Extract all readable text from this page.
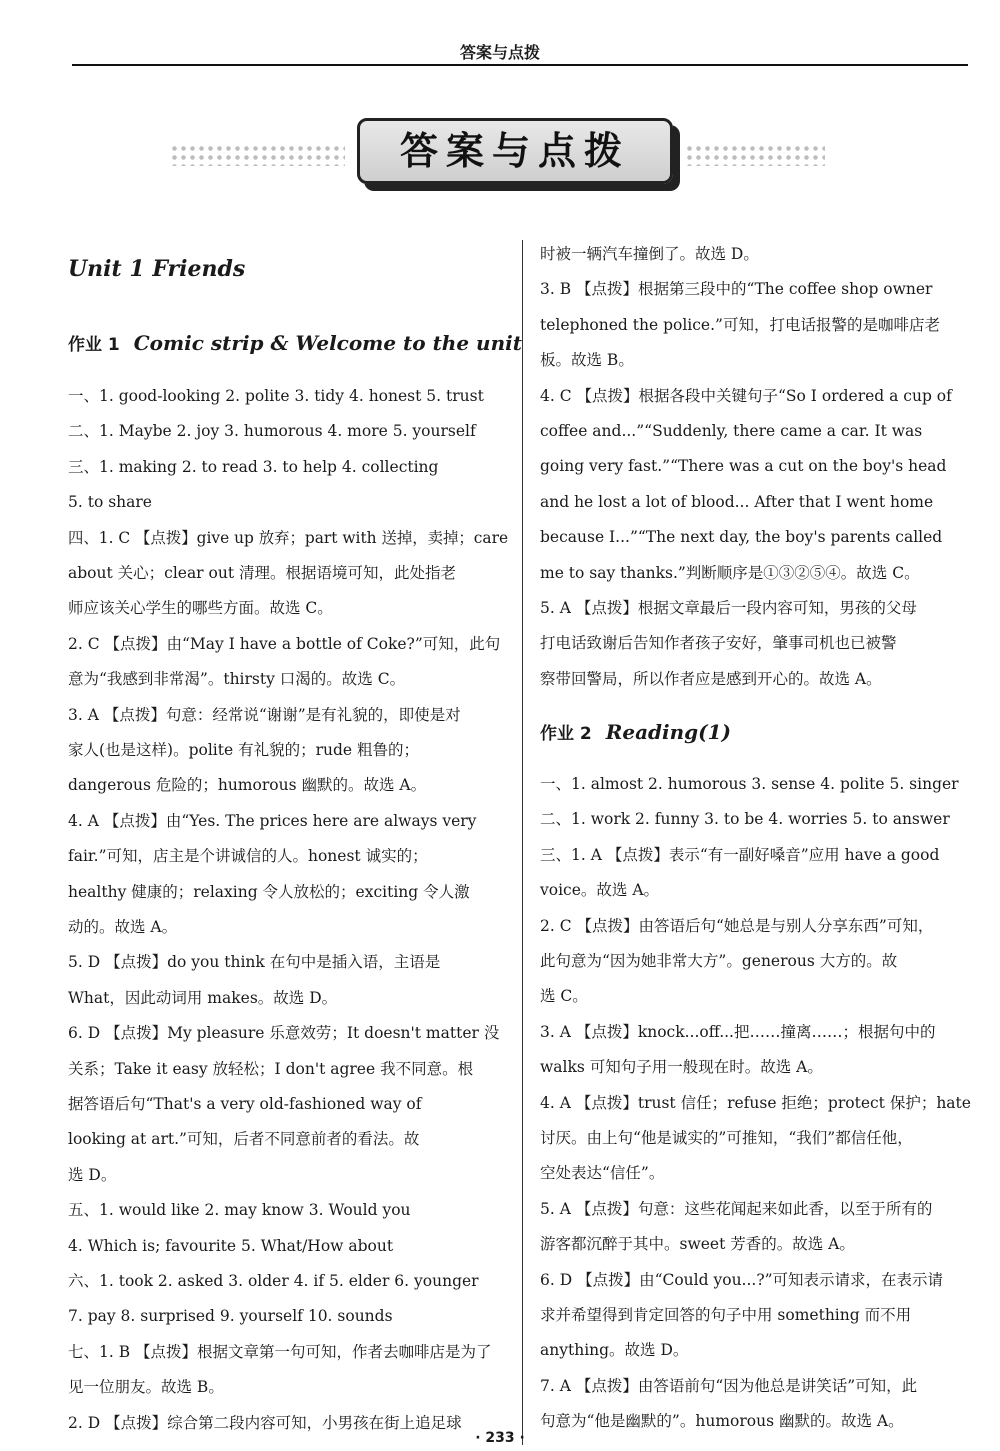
答案与点拨
答案与点拨
Unit 1 Friends
作业 1 Comic strip & Welcome to the unit
一、1. good-looking 2. polite 3. tidy 4. honest 5. trust
二、1. Maybe 2. joy 3. humorous 4. more 5. yourself
三、1. making 2. to read 3. to help 4. collecting
5. to share
四、1. C 【点拨】give up 放弃；part with 送掉，卖掉；care
about 关心；clear out 清理。根据语境可知，此处指老
师应该关心学生的哪些方面。故选 C。
2. C 【点拨】由“May I have a bottle of Coke?”可知，此句
意为“我感到非常渴”。thirsty 口渴的。故选 C。
3. A 【点拨】句意：经常说“谢谢”是有礼貌的，即使是对
家人(也是这样)。polite 有礼貌的；rude 粗鲁的；
dangerous 危险的；humorous 幽默的。故选 A。
4. A 【点拨】由“Yes. The prices here are always very
fair.”可知，店主是个讲诚信的人。honest 诚实的；
healthy 健康的；relaxing 令人放松的；exciting 令人激
动的。故选 A。
5. D 【点拨】do you think 在句中是插入语，主语是
What，因此动词用 makes。故选 D。
6. D 【点拨】My pleasure 乐意效劳；It doesn't matter 没
关系；Take it easy 放轻松；I don't agree 我不同意。根
据答语后句“That's a very old-fashioned way of
looking at art.”可知，后者不同意前者的看法。故
选 D。
五、1. would like 2. may know 3. Would you
4. Which is; favourite 5. What/How about
六、1. took 2. asked 3. older 4. if 5. elder 6. younger
7. pay 8. surprised 9. yourself 10. sounds
七、1. B 【点拨】根据文章第一句可知，作者去咖啡店是为了
见一位朋友。故选 B。
2. D 【点拨】综合第二段内容可知，小男孩在街上追足球
作业 2 Reading(1)
时被一辆汽车撞倒了。故选 D。
3. B 【点拨】根据第三段中的“The coffee shop owner
telephoned the police.”可知，打电话报警的是咖啡店老
板。故选 B。
4. C 【点拨】根据各段中关键句子“So I ordered a cup of
coffee and...”“Suddenly, there came a car. It was
going very fast.”“There was a cut on the boy's head
and he lost a lot of blood... After that I went home
because I...”“The next day, the boy's parents called
me to say thanks.”判断顺序是①③②⑤④。故选 C。
5. A 【点拨】根据文章最后一段内容可知，男孩的父母
打电话致谢后告知作者孩子安好，肇事司机也已被警
察带回警局，所以作者应是感到开心的。故选 A。
一、1. almost 2. humorous 3. sense 4. polite 5. singer
二、1. work 2. funny 3. to be 4. worries 5. to answer
三、1. A 【点拨】表示“有一副好嗓音”应用 have a good
voice。故选 A。
2. C 【点拨】由答语后句“她总是与别人分享东西”可知，
此句意为“因为她非常大方”。generous 大方的。故
选 C。
3. A 【点拨】knock...off...把……撞离……；根据句中的
walks 可知句子用一般现在时。故选 A。
4. A 【点拨】trust 信任；refuse 拒绝；protect 保护；hate
讨厌。由上句“他是诚实的”可推知，“我们”都信任他，
空处表达“信任”。
5. A 【点拨】句意：这些花闻起来如此香，以至于所有的
游客都沉醉于其中。sweet 芳香的。故选 A。
6. D 【点拨】由“Could you...?”可知表示请求，在表示请
求并希望得到肯定回答的句子中用 something 而不用
anything。故选 D。
7. A 【点拨】由答语前句“因为他总是讲笑话”可知，此
句意为“他是幽默的”。humorous 幽默的。故选 A。
· 233 ·
